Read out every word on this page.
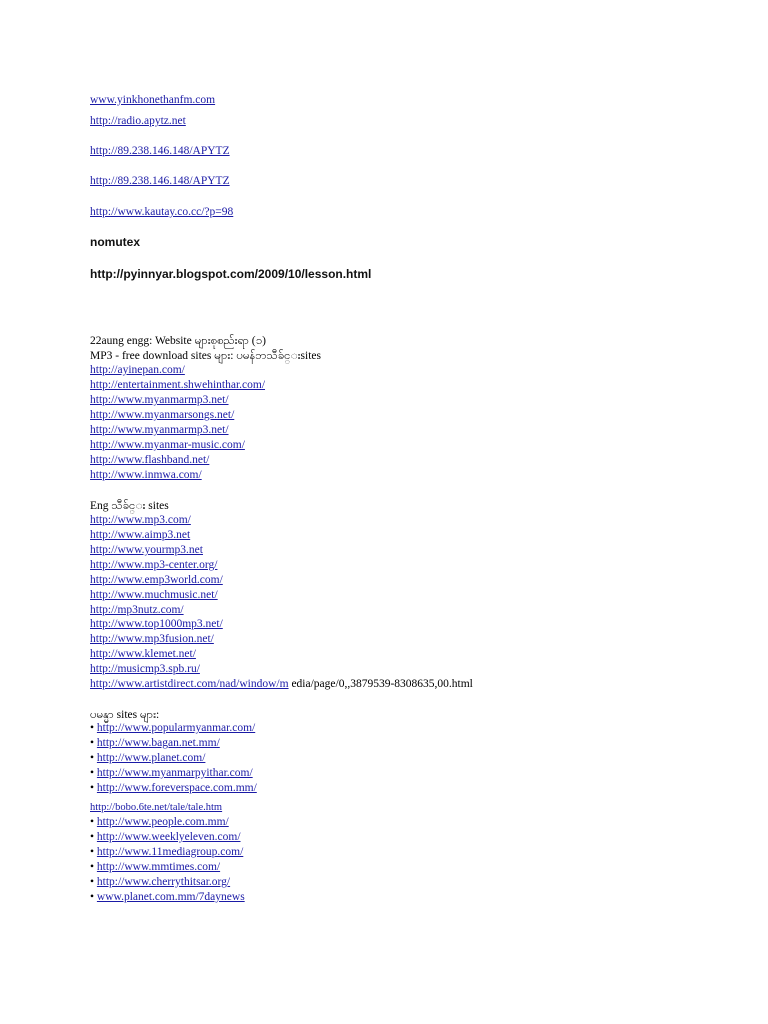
www.yinkhonethanfm.com
http://radio.apytz.net
http://89.238.146.148/APYTZ
http://89.238.146.148/APYTZ
http://www.kautay.co.cc/?p=98
nomutex
http://pyinnyar.blogspot.com/2009/10/lesson.html
22aung engg: Website များစုစည်းရာ (၁)
MP3 - free download sites များ: ပမန်ဘသီခ်င္းsites
http://ayinepan.com/
http://entertainment.shwehinthar.com/
http://www.myanmarmp3.net/
http://www.myanmarsongs.net/
http://www.myanmarmp3.net/
http://www.myanmar-music.com/
http://www.flashband.net/
http://www.inmwa.com/
Eng သီခ်င္း sites
http://www.mp3.com/
http://www.aimp3.net
http://www.yourmp3.net
http://www.mp3-center.org/
http://www.emp3world.com/
http://www.muchmusic.net/
http://mp3nutz.com/
http://www.top1000mp3.net/
http://www.mp3fusion.net/
http://www.klemet.net/
http://musicmp3.spb.ru/
http://www.artistdirect.com/nad/window/m edia/page/0,,3879539-8308635,00.html
ပမန္မာ sites များ:
• http://www.popularmyanmar.com/
• http://www.bagan.net.mm/
• http://www.planet.com/
• http://www.myanmarpyithar.com/
• http://www.foreverspace.com.mm/
http://bobo.6te.net/tale/tale.htm
• http://www.people.com.mm/
• http://www.weeklyeleven.com/
• http://www.11mediagroup.com/
• http://www.mmtimes.com/
• http://www.cherrythitsar.org/
• www.planet.com.mm/7daynews
